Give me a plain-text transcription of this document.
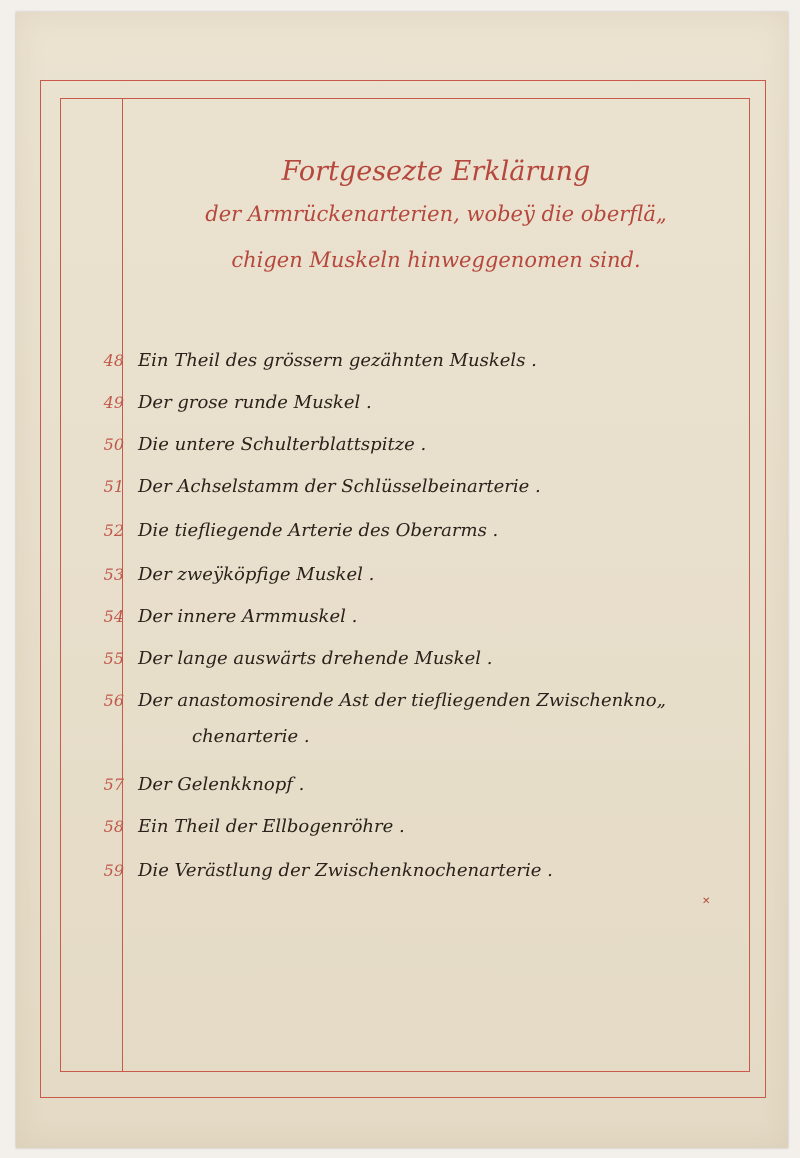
Fortgesezte Erklärung
der Armrückenarterien, wobeÿ die oberflä„
chigen Muskeln hinweggenomen sind.
48 Ein Theil des grössern gezähnten Muskels .
49 Der grose runde Muskel .
50 Die untere Schulterblattspitze .
51 Der Achselstamm der Schlüsselbeinarterie .
52 Die tiefliegende Arterie des Oberarms .
53 Der zweÿköpfige Muskel .
54 Der innere Armmuskel .
55 Der lange auswärts drehende Muskel .
56 Der anastomosirende Ast der tiefliegenden Zwischenkno„
chenarterie .
57 Der Gelenkknopf .
58 Ein Theil der Ellbogenröhre .
59 Die Verästlung der Zwischenknochenarterie .
✕
